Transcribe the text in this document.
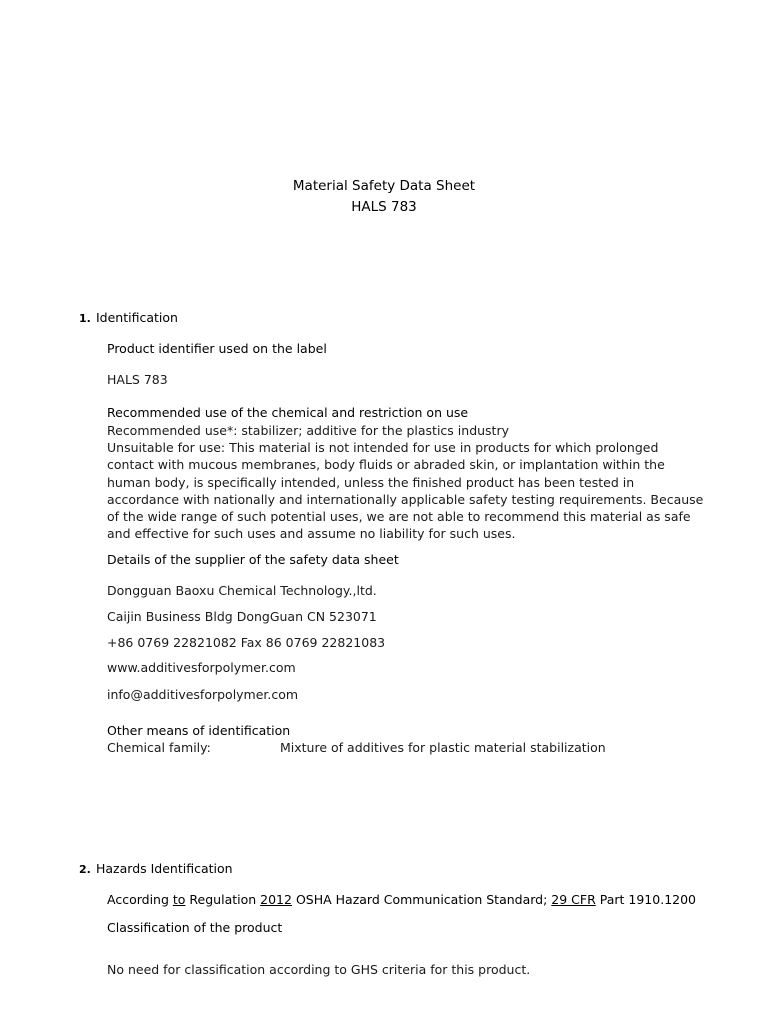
Material Safety Data Sheet
HALS 783
1. Identification
Product identifier used on the label
HALS 783
Recommended use of the chemical and restriction on use
Recommended use*: stabilizer; additive for the plastics industry
Unsuitable for use: This material is not intended for use in products for which prolonged
contact with mucous membranes, body fluids or abraded skin, or implantation within the
human body, is specifically intended, unless the finished product has been tested in
accordance with nationally and internationally applicable safety testing requirements. Because
of the wide range of such potential uses, we are not able to recommend this material as safe
and effective for such uses and assume no liability for such uses.
Details of the supplier of the safety data sheet
Dongguan Baoxu Chemical Technology.,ltd.
Caijin Business Bldg DongGuan CN 523071
+86 0769 22821082 Fax 86 0769 22821083
www.additivesforpolymer.com
info@additivesforpolymer.com
Other means of identification
Chemical family:	Mixture of additives for plastic material stabilization
2. Hazards Identification
According to Regulation 2012 OSHA Hazard Communication Standard; 29 CFR Part 1910.1200
Classification of the product
No need for classification according to GHS criteria for this product.
